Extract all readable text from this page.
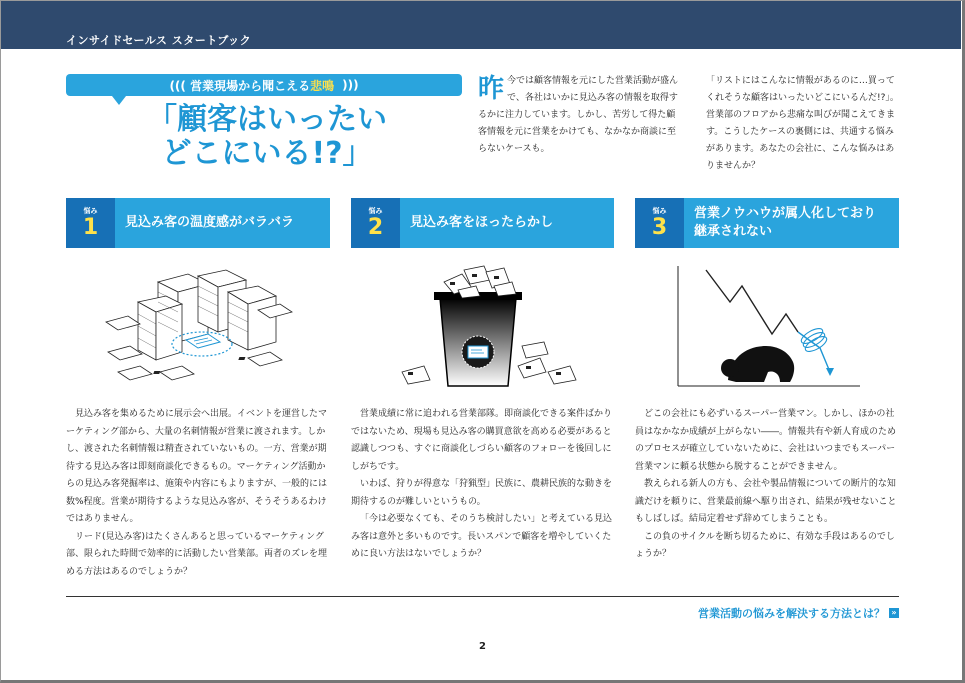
インサイドセールス スタートブック
((( 営業現場から聞こえる 悲鳴 )))
「顧客はいったい
どこにいる!?」
昨今では顧客情報を元にした営業活動が盛んで、各社はいかに見込み客の情報を取得するかに注力しています。しかし、苦労して得た顧客情報を元に営業をかけても、なかなか商談に至らないケースも。
「リストにはこんなに情報があるのに…買ってくれそうな顧客はいったいどこにいるんだ!?」。営業部のフロアから悲痛な叫びが聞こえてきます。こうしたケースの裏側には、共通する悩みがあります。あなたの会社に、こんな悩みはありませんか？
悩み
1	見込み客の温度感がバラバラ
悩み
2	見込み客をほったらかし
悩み
3
営業ノウハウが属人化しており継承されない

見込み客を集めるために展示会へ出展。イベントを運営したマーケティング部から、大量の名刺情報が営業に渡されます。しかし、渡された名刺情報は精査されていないもの。一方、営業が期待する見込み客は即刻商談化できるもの。マーケティング活動からの見込み客発掘率は、施策や内容にもよりますが、一般的には数%程度。営業が期待するような見込み客が、そうそうあるわけではありません。

リード(見込み客)はたくさんあると思っているマーケティング部、限られた時間で効率的に活動したい営業部。両者のズレを埋める方法はあるのでしょうか？

営業成績に常に追われる営業部隊。即商談化できる案件ばかりではないため、現場も見込み客の購買意欲を高める必要があると認識しつつも、すぐに商談化しづらい顧客のフォローを後回しにしがちです。

いわば、狩りが得意な「狩猟型」民族に、農耕民族的な動きを期待するのが難しいというもの。

「今は必要なくても、そのうち検討したい」と考えている見込み客は意外と多いものです。長いスパンで顧客を増やしていくために良い方法はないでしょうか？

どこの会社にも必ずいるスーパー営業マン。しかし、ほかの社員はなかなか成績が上がらない――。情報共有や新人育成のためのプロセスが確立していないために、会社はいつまでもスーパー営業マンに頼る状態から脱することができません。

教えられる新人の方も、会社や製品情報についての断片的な知識だけを頼りに、営業最前線へ駆り出され、結果が残せないこともしばしば。結局定着せず辞めてしまうことも。

この負のサイクルを断ち切るために、有効な手段はあるのでしょうか？

営業活動の悩みを解決する方法とは？ »
2
